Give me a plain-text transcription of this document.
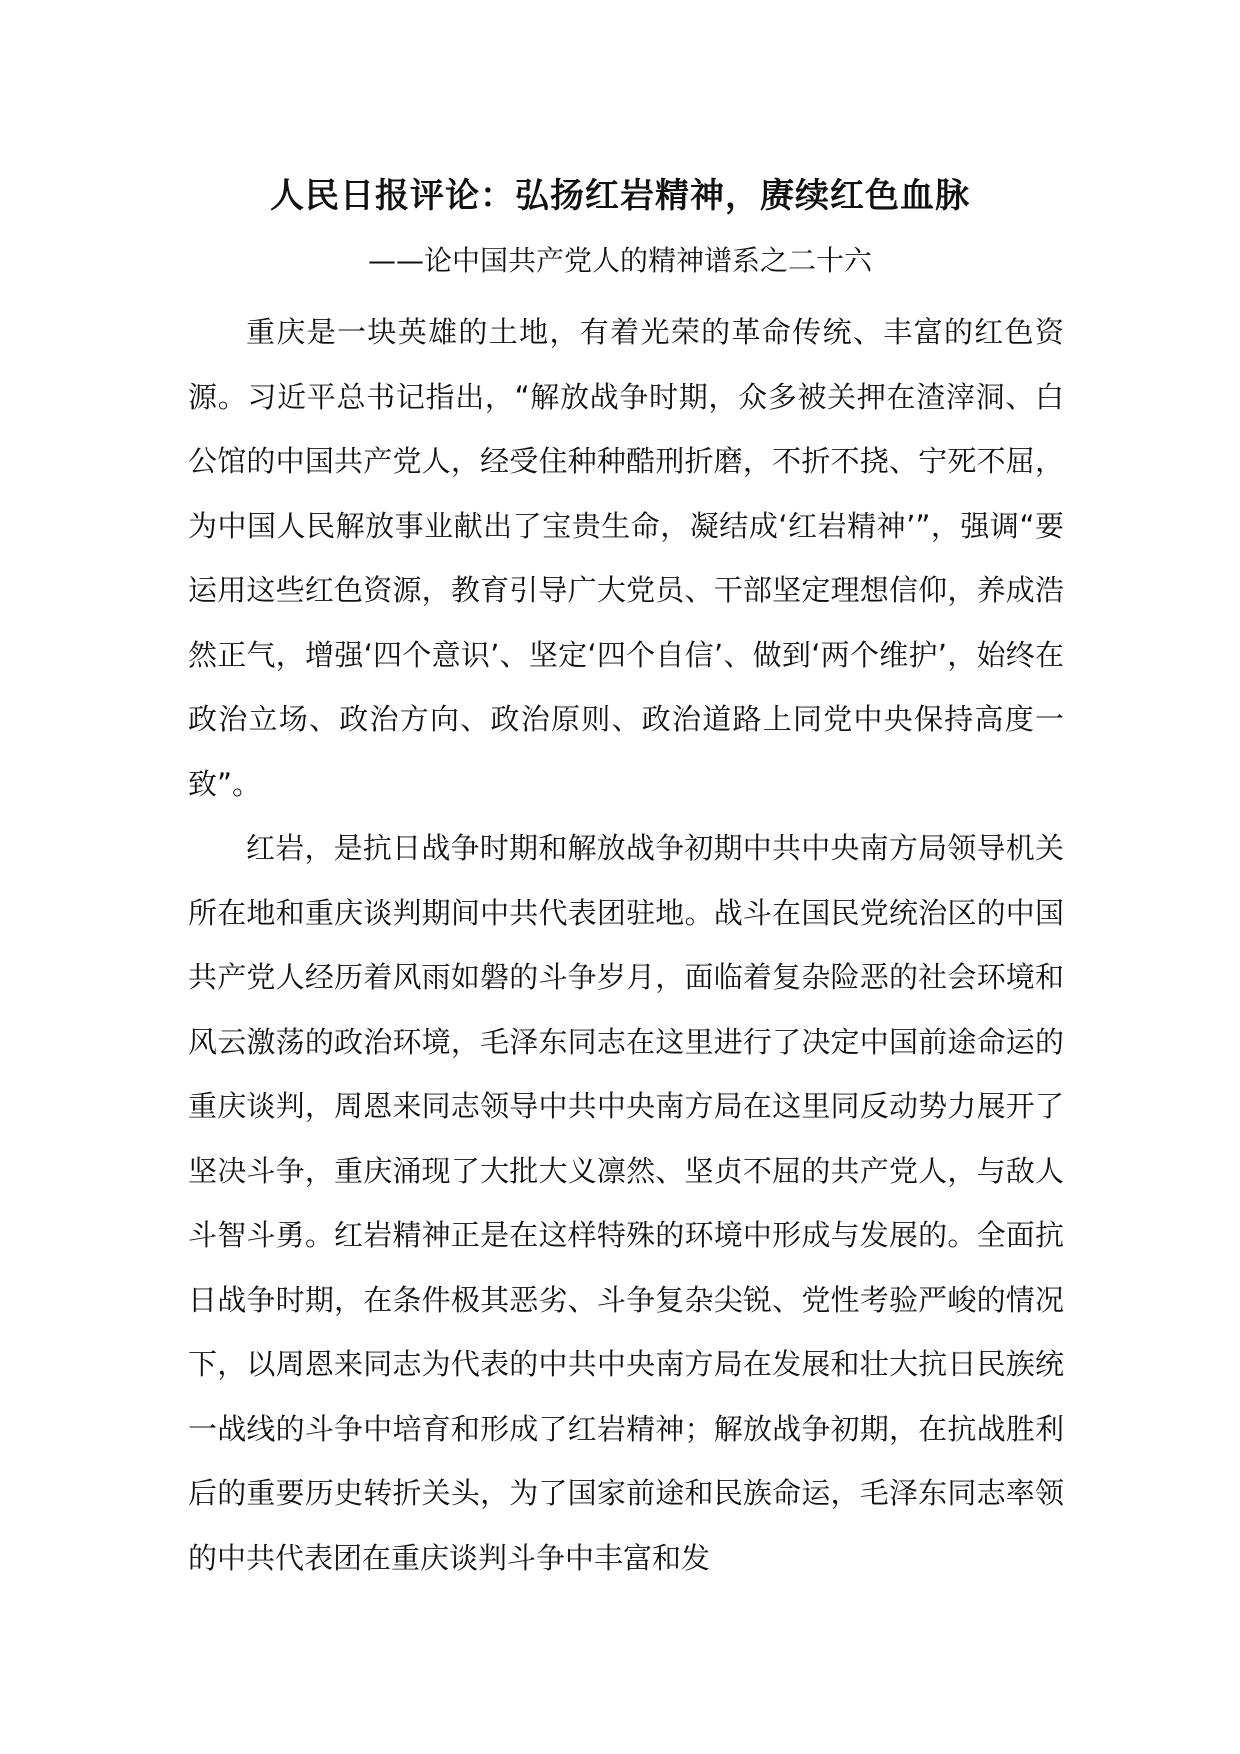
人民日报评论：弘扬红岩精神，赓续红色血脉
——论中国共产党人的精神谱系之二十六

重庆是一块英雄的土地，有着光荣的革命传统、丰富的红色资源。习近平总书记指出，“解放战争时期，众多被关押在渣滓洞、白公馆的中国共产党人，经受住种种酷刑折磨，不折不挠、宁死不屈，为中国人民解放事业献出了宝贵生命，凝结成‘红岩精神’”，强调“要运用这些红色资源，教育引导广大党员、干部坚定理想信仰，养成浩然正气，增强‘四个意识’、坚定‘四个自信’、做到‘两个维护’，始终在政治立场、政治方向、政治原则、政治道路上同党中央保持高度一致”。

红岩，是抗日战争时期和解放战争初期中共中央南方局领导机关所在地和重庆谈判期间中共代表团驻地。战斗在国民党统治区的中国共产党人经历着风雨如磐的斗争岁月，面临着复杂险恶的社会环境和风云激荡的政治环境，毛泽东同志在这里进行了决定中国前途命运的重庆谈判，周恩来同志领导中共中央南方局在这里同反动势力展开了坚决斗争，重庆涌现了大批大义凛然、坚贞不屈的共产党人，与敌人斗智斗勇。红岩精神正是在这样特殊的环境中形成与发展的。全面抗日战争时期，在条件极其恶劣、斗争复杂尖锐、党性考验严峻的情况下，以周恩来同志为代表的中共中央南方局在发展和壮大抗日民族统一战线的斗争中培育和形成了红岩精神；解放战争初期，在抗战胜利后的重要历史转折关头，为了国家前途和民族命运，毛泽东同志率领的中共代表团在重庆谈判斗争中丰富和发
